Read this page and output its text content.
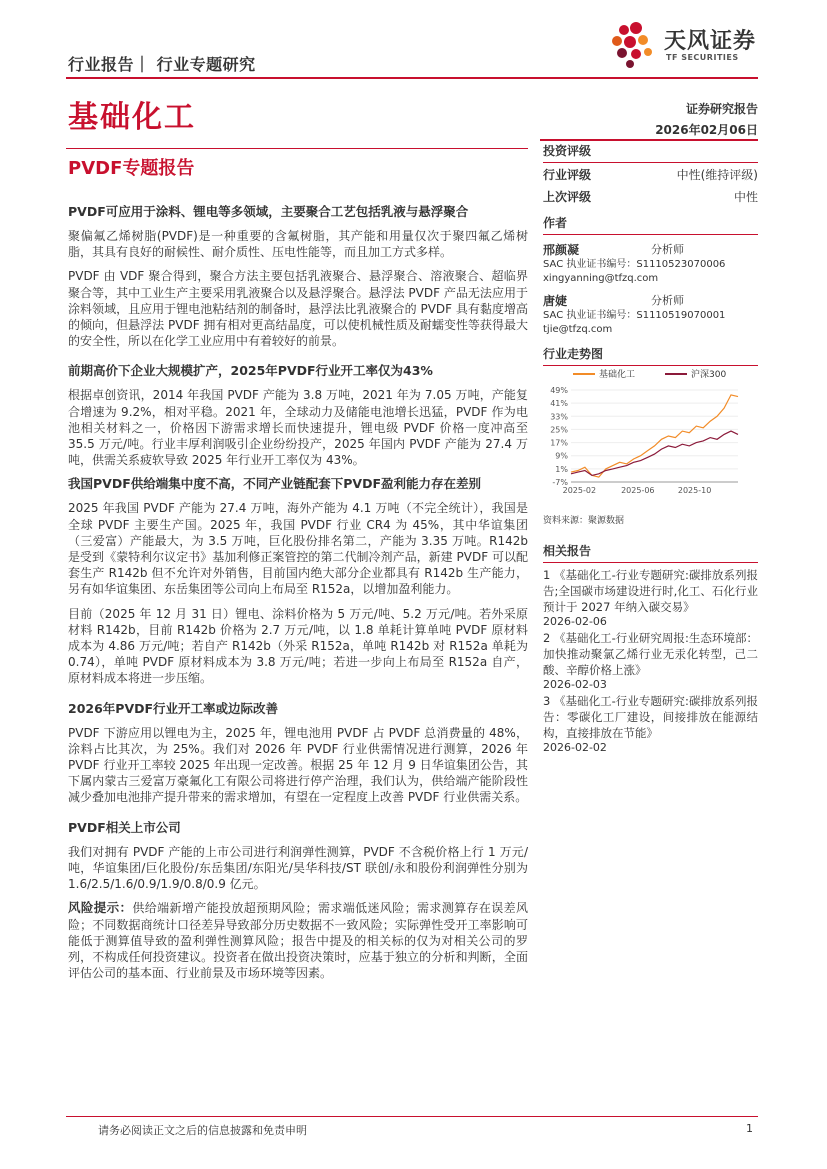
行业报告｜ 行业专题研究
天风证券
TF SECURITIES
基础化工	证券研究报告
2026年02月06日
PVDF专题报告
PVDF可应用于涂料、锂电等多领域，主要聚合工艺包括乳液与悬浮聚合
聚偏氟乙烯树脂(PVDF)是一种重要的含氟树脂，其产能和用量仅次于聚四氟乙烯树脂，其具有良好的耐候性、耐介质性、压电性能等，而且加工方式多样。
PVDF 由 VDF 聚合得到，聚合方法主要包括乳液聚合、悬浮聚合、溶液聚合、超临界聚合等，其中工业生产主要采用乳液聚合以及悬浮聚合。悬浮法 PVDF 产品无法应用于涂料领域，且应用于锂电池粘结剂的制备时，悬浮法比乳液聚合的 PVDF 具有黏度增高的倾向，但悬浮法 PVDF 拥有相对更高结晶度，可以使机械性质及耐蠕变性等获得最大的安全性，所以在化学工业应用中有着较好的前景。
前期高价下企业大规模扩产，2025年PVDF行业开工率仅为43%
根据卓创资讯，2014 年我国 PVDF 产能为 3.8 万吨，2021 年为 7.05 万吨，产能复合增速为 9.2%，相对平稳。2021 年，全球动力及储能电池增长迅猛，PVDF 作为电池相关材料之一，价格因下游需求增长而快速提升，锂电级 PVDF 价格一度冲高至 35.5 万元/吨。行业丰厚利润吸引企业纷纷投产，2025 年国内 PVDF 产能为 27.4 万吨，供需关系疲软导致 2025 年行业开工率仅为 43%。
我国PVDF供给端集中度不高，不同产业链配套下PVDF盈利能力存在差别
2025 年我国 PVDF 产能为 27.4 万吨，海外产能为 4.1 万吨（不完全统计），我国是全球 PVDF 主要生产国。2025 年，我国 PVDF 行业 CR4 为 45%，其中华谊集团（三爱富）产能最大，为 3.5 万吨，巨化股份排名第二，产能为 3.35 万吨。R142b 是受到《蒙特利尔议定书》基加利修正案管控的第二代制冷剂产品，新建 PVDF 可以配套生产 R142b 但不允许对外销售，目前国内绝大部分企业都具有 R142b 生产能力，另有如华谊集团、东岳集团等公司向上布局至 R152a，以增加盈利能力。
目前（2025 年 12 月 31 日）锂电、涂料价格为 5 万元/吨、5.2 万元/吨。若外采原材料 R142b，目前 R142b 价格为 2.7 万元/吨，以 1.8 单耗计算单吨 PVDF 原材料成本为 4.86 万元/吨；若自产 R142b（外采 R152a，单吨 R142b 对 R152a 单耗为 0.74），单吨 PVDF 原材料成本为 3.8 万元/吨；若进一步向上布局至 R152a 自产，原材料成本将进一步压缩。
2026年PVDF行业开工率或边际改善
PVDF 下游应用以锂电为主，2025 年，锂电池用 PVDF 占 PVDF 总消费量的 48%，涂料占比其次，为 25%。我们对 2026 年 PVDF 行业供需情况进行测算，2026 年 PVDF 行业开工率较 2025 年出现一定改善。根据 25 年 12 月 9 日华谊集团公告，其下属内蒙古三爱富万豪氟化工有限公司将进行停产治理，我们认为，供给端产能阶段性减少叠加电池排产提升带来的需求增加，有望在一定程度上改善 PVDF 行业供需关系。
PVDF相关上市公司
我们对拥有 PVDF 产能的上市公司进行利润弹性测算，PVDF 不含税价格上行 1 万元/吨，华谊集团/巨化股份/东岳集团/东阳光/昊华科技/ST 联创/永和股份利润弹性分别为 1.6/2.5/1.6/0.9/1.9/0.8/0.9 亿元。
风险提示：供给端新增产能投放超预期风险；需求端低迷风险；需求测算存在误差风险；不同数据商统计口径差异导致部分历史数据不一致风险；实际弹性受开工率影响可能低于测算值导致的盈利弹性测算风险；报告中提及的相关标的仅为对相关公司的罗列，不构成任何投资建议。投资者在做出投资决策时，应基于独立的分析和判断，全面评估公司的基本面、行业前景及市场环境等因素。
投资评级
行业评级	中性(维持评级)
上次评级	中性
作者
邢颜凝	分析师
SAC 执业证书编号：S1110523070006
xingyanning@tfzq.com
唐婕	分析师
SAC 执业证书编号：S1110519070001
tjie@tfzq.com
行业走势图
49%
41%
33%
25%
17%
9%
1%
-7%
2025-02	2025-06	2025-10
基础化工	沪深300
资料来源：聚源数据
相关报告
1 《基础化工-行业专题研究:碳排放系列报告;全国碳市场建设进行时,化工、石化行业预计于 2027 年纳入碳交易》
2026-02-06
2 《基础化工-行业研究周报:生态环境部：加快推动聚氯乙烯行业无汞化转型，己二酸、辛醇价格上涨》
2026-02-03
3 《基础化工-行业专题研究:碳排放系列报告：零碳化工厂建设，间接排放在能源结构，直接排放在节能》
2026-02-02
请务必阅读正文之后的信息披露和免责申明	1
